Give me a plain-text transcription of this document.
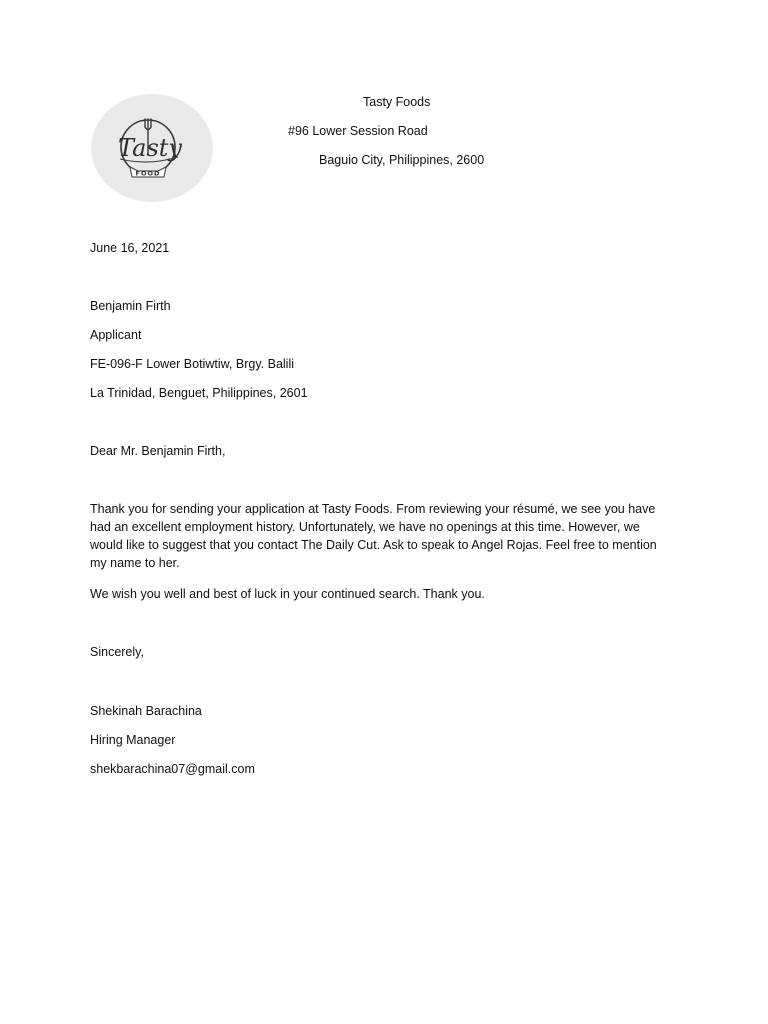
Tasty
FOOD
Tasty Foods
#96 Lower Session Road
Baguio City, Philippines, 2600
June 16, 2021
Benjamin Firth
Applicant
FE-096-F Lower Botiwtiw, Brgy. Balili
La Trinidad, Benguet, Philippines, 2601
Dear Mr. Benjamin Firth,

Thank you for sending your application at Tasty Foods. From reviewing your résumé, we see you have had an excellent employment history. Unfortunately, we have no openings at this time. However, we would like to suggest that you contact The Daily Cut. Ask to speak to Angel Rojas. Feel free to mention my name to her.

We wish you well and best of luck in your continued search. Thank you.
Sincerely,
Shekinah Barachina
Hiring Manager
shekbarachina07@gmail.com
